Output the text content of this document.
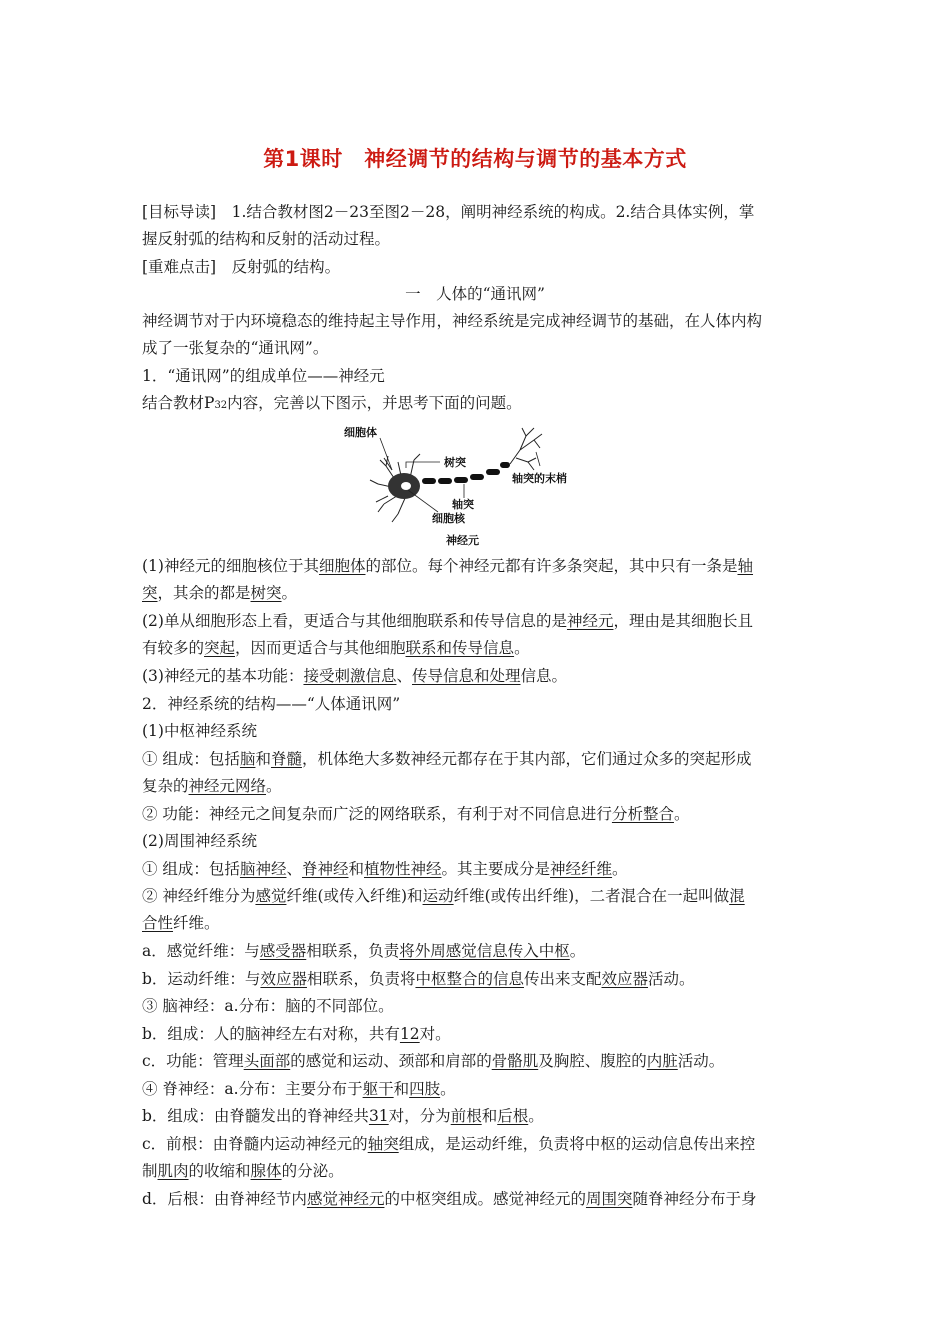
第1课时　神经调节的结构与调节的基本方式
[目标导读]　1.结合教材图2－23至图2－28，阐明神经系统的构成。2.结合具体实例，掌
握反射弧的结构和反射的活动过程。
[重难点击]　反射弧的结构。
一　人体的“通讯网”
神经调节对于内环境稳态的维持起主导作用，神经系统是完成神经调节的基础，在人体内构
成了一张复杂的“通讯网”。
1．“通讯网”的组成单位——神经元
结合教材P32内容，完善以下图示，并思考下面的问题。
细胞体
树突
轴突的末梢
轴突
细胞核
神经元
(1)神经元的细胞核位于其细胞体的部位。每个神经元都有许多条突起，其中只有一条是轴
突，其余的都是树突。
(2)单从细胞形态上看，更适合与其他细胞联系和传导信息的是神经元，理由是其细胞长且
有较多的突起，因而更适合与其他细胞联系和传导信息。
(3)神经元的基本功能：接受刺激信息、传导信息和处理信息。
2．神经系统的结构——“人体通讯网”
(1)中枢神经系统
① 组成：包括脑和脊髓，机体绝大多数神经元都存在于其内部，它们通过众多的突起形成
复杂的神经元网络。
② 功能：神经元之间复杂而广泛的网络联系，有利于对不同信息进行分析整合。
(2)周围神经系统
① 组成：包括脑神经、脊神经和植物性神经。其主要成分是神经纤维。
② 神经纤维分为感觉纤维(或传入纤维)和运动纤维(或传出纤维)，二者混合在一起叫做混
合性纤维。
a．感觉纤维：与感受器相联系，负责将外周感觉信息传入中枢。
b．运动纤维：与效应器相联系，负责将中枢整合的信息传出来支配效应器活动。
③ 脑神经：a.分布：脑的不同部位。
b．组成：人的脑神经左右对称，共有12对。
c．功能：管理头面部的感觉和运动、颈部和肩部的骨骼肌及胸腔、腹腔的内脏活动。
④ 脊神经：a.分布：主要分布于躯干和四肢。
b．组成：由脊髓发出的脊神经共31对，分为前根和后根。
c．前根：由脊髓内运动神经元的轴突组成，是运动纤维，负责将中枢的运动信息传出来控
制肌肉的收缩和腺体的分泌。
d．后根：由脊神经节内感觉神经元的中枢突组成。感觉神经元的周围突随脊神经分布于身
